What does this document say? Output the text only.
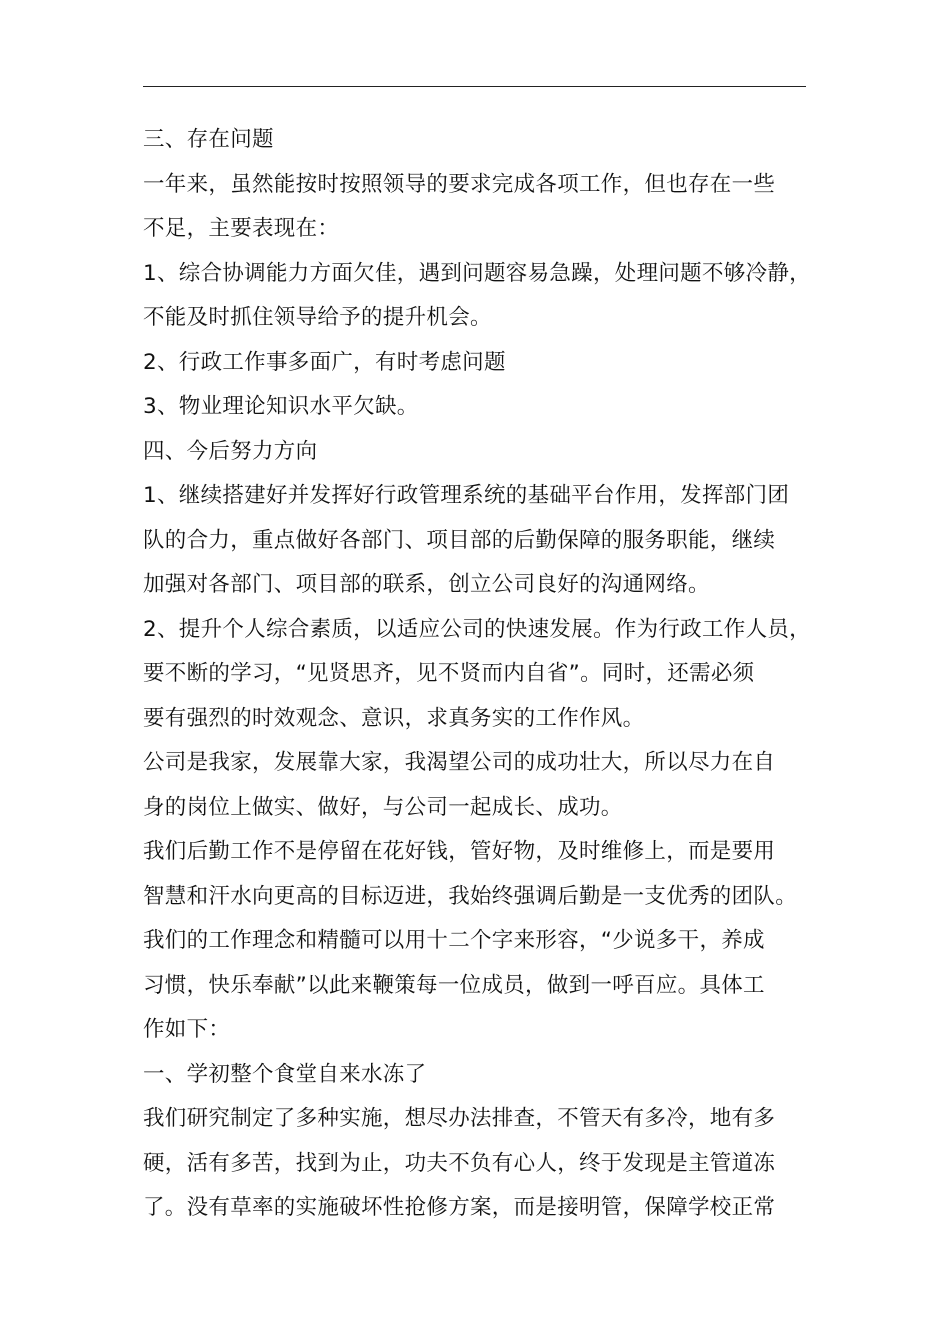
三、存在问题
一年来，虽然能按时按照领导的要求完成各项工作，但也存在一些
不足，主要表现在：
1、综合协调能力方面欠佳，遇到问题容易急躁，处理问题不够冷静，
不能及时抓住领导给予的提升机会。
2、行政工作事多面广，有时考虑问题
3、物业理论知识水平欠缺。
四、今后努力方向
1、继续搭建好并发挥好行政管理系统的基础平台作用，发挥部门团
队的合力，重点做好各部门、项目部的后勤保障的服务职能，继续
加强对各部门、项目部的联系，创立公司良好的沟通网络。
2、提升个人综合素质，以适应公司的快速发展。作为行政工作人员，
要不断的学习，“见贤思齐，见不贤而内自省”。同时，还需必须
要有强烈的时效观念、意识，求真务实的工作作风。
公司是我家，发展靠大家，我渴望公司的成功壮大，所以尽力在自
身的岗位上做实、做好，与公司一起成长、成功。
我们后勤工作不是停留在花好钱，管好物，及时维修上，而是要用
智慧和汗水向更高的目标迈进，我始终强调后勤是一支优秀的团队。
我们的工作理念和精髓可以用十二个字来形容，“少说多干，养成
习惯，快乐奉献”以此来鞭策每一位成员，做到一呼百应。具体工
作如下：
一、学初整个食堂自来水冻了
我们研究制定了多种实施，想尽办法排查，不管天有多冷，地有多
硬，活有多苦，找到为止，功夫不负有心人，终于发现是主管道冻
了。没有草率的实施破坏性抢修方案，而是接明管，保障学校正常
